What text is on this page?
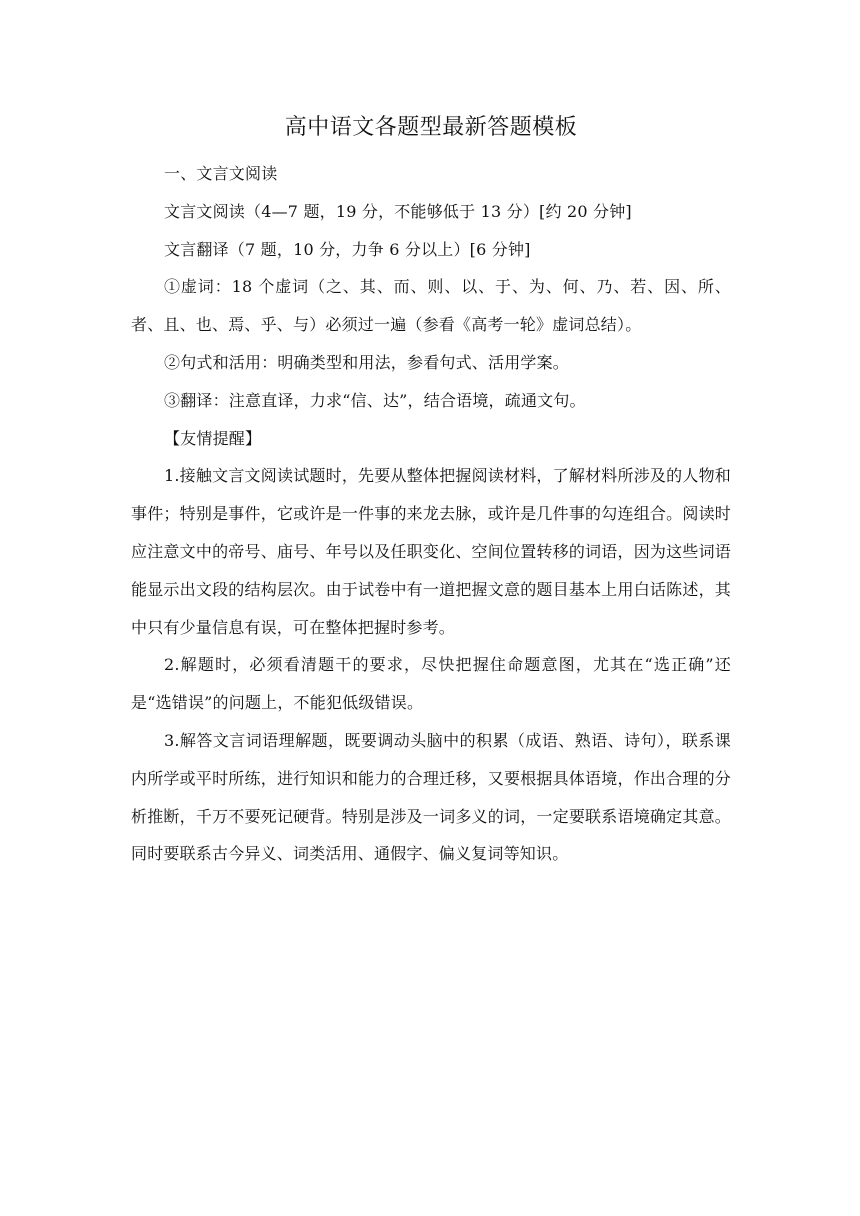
高中语文各题型最新答题模板

一、文言文阅读

文言文阅读（4—7 题，19 分，不能够低于 13 分）[约 20 分钟]

文言翻译（7 题，10 分，力争 6 分以上）[6 分钟]

①虚词：18 个虚词（之、其、而、则、以、于、为、何、乃、若、因、所、者、且、也、焉、乎、与）必须过一遍（参看《高考一轮》虚词总结）。

②句式和活用：明确类型和用法，参看句式、活用学案。

③翻译：注意直译，力求“信、达”，结合语境，疏通文句。

【友情提醒】

1.接触文言文阅读试题时，先要从整体把握阅读材料，了解材料所涉及的人物和事件；特别是事件，它或许是一件事的来龙去脉，或许是几件事的勾连组合。阅读时应注意文中的帝号、庙号、年号以及任职变化、空间位置转移的词语，因为这些词语能显示出文段的结构层次。由于试卷中有一道把握文意的题目基本上用白话陈述，其中只有少量信息有误，可在整体把握时参考。

2.解题时，必须看清题干的要求，尽快把握住命题意图，尤其在“选正确”还是“选错误”的问题上，不能犯低级错误。

3.解答文言词语理解题，既要调动头脑中的积累（成语、熟语、诗句），联系课内所学或平时所练，进行知识和能力的合理迁移，又要根据具体语境，作出合理的分析推断，千万不要死记硬背。特别是涉及一词多义的词，一定要联系语境确定其意。同时要联系古今异义、词类活用、通假字、偏义复词等知识。
